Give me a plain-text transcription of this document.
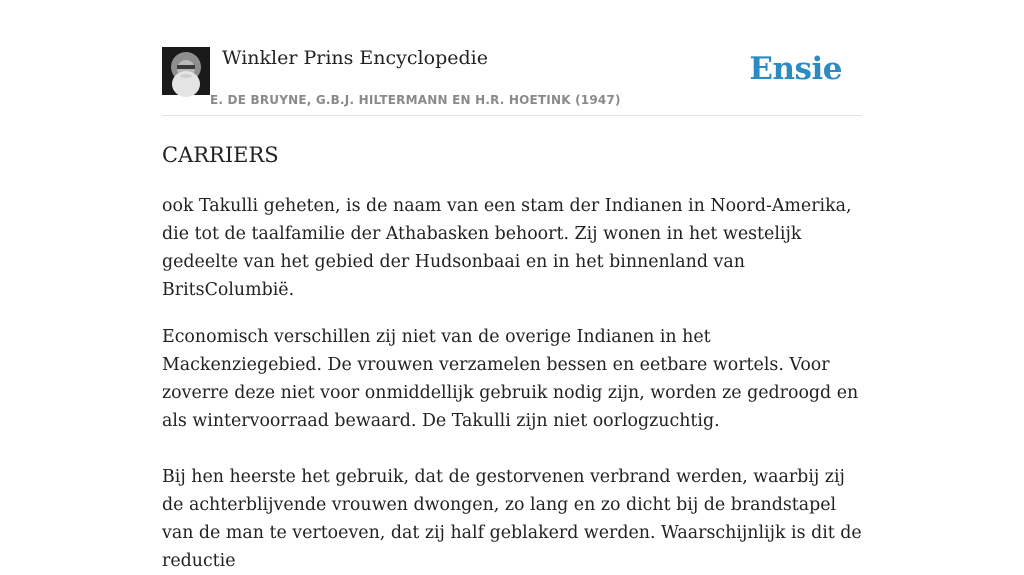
Winkler Prins Encyclopedie
E. DE BRUYNE, G.B.J. HILTERMANN EN H.R. HOETINK (1947)
Ensie
CARRIERS

ook Takulli geheten, is de naam van een stam der Indianen in Noord-Amerika, die tot de taalfamilie der Athabasken behoort. Zij wonen in het westelijk gedeelte van het gebied der Hudsonbaai en in het binnenland van BritsColumbië.

Economisch verschillen zij niet van de overige Indianen in het Mackenziegebied. De vrouwen verzamelen bessen en eetbare wortels. Voor zoverre deze niet voor onmiddellijk gebruik nodig zijn, worden ze gedroogd en als wintervoorraad bewaard. De Takulli zijn niet oorlogzuchtig.

Bij hen heerste het gebruik, dat de gestorvenen verbrand werden, waarbij zij de achterblijvende vrouwen dwongen, zo lang en zo dicht bij de brandstapel van de man te vertoeven, dat zij half geblakerd werden. Waarschijnlijk is dit de reductie
